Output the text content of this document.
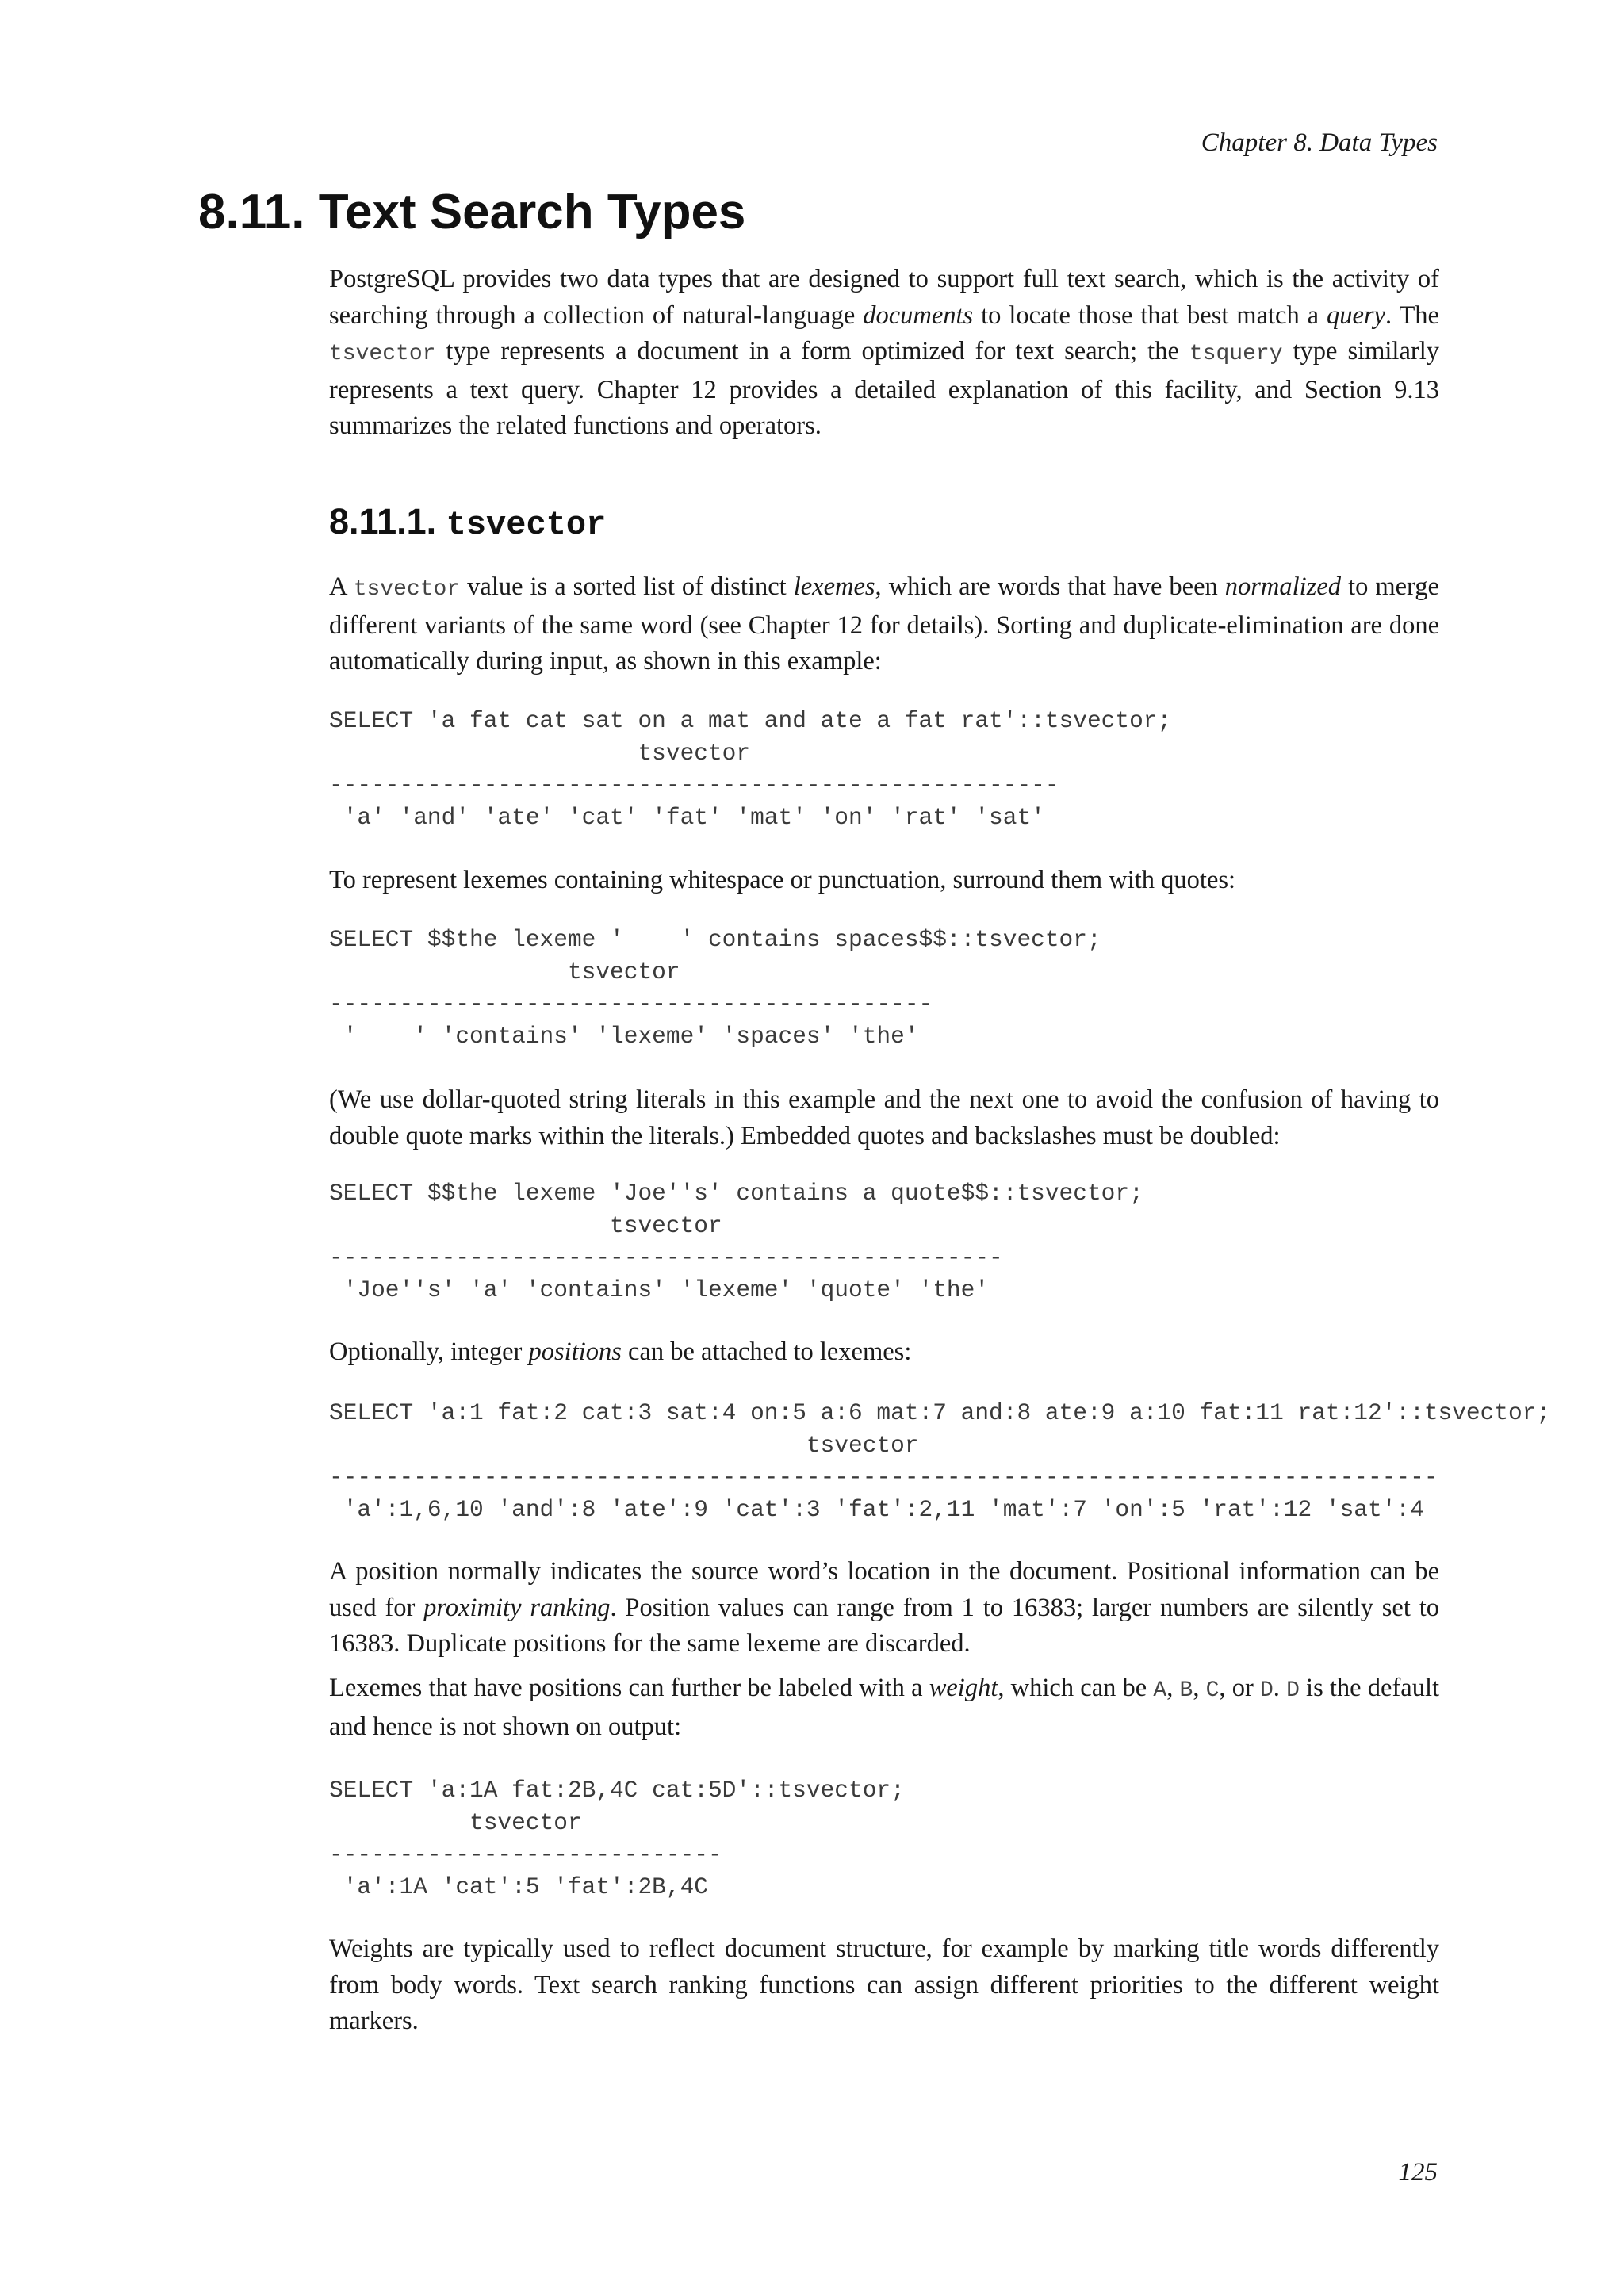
Chapter 8. Data Types
8.11. Text Search Types

PostgreSQL provides two data types that are designed to support full text search, which is the activity of searching through a collection of natural-language documents to locate those that best match a query. The tsvector type represents a document in a form optimized for text search; the tsquery type similarly represents a text query. Chapter 12 provides a detailed explanation of this facility, and Section 9.13 summarizes the related functions and operators.

8.11.1. tsvector

A tsvector value is a sorted list of distinct lexemes, which are words that have been normalized to merge different variants of the same word (see Chapter 12 for details). Sorting and duplicate-elimination are done automatically during input, as shown in this example:

SELECT 'a fat cat sat on a mat and ate a fat rat'::tsvector;
tsvector
----------------------------------------------------
'a' 'and' 'ate' 'cat' 'fat' 'mat' 'on' 'rat' 'sat'

To represent lexemes containing whitespace or punctuation, surround them with quotes:

SELECT $$the lexeme '    ' contains spaces$$::tsvector;
tsvector
-------------------------------------------
'    ' 'contains' 'lexeme' 'spaces' 'the'

(We use dollar-quoted string literals in this example and the next one to avoid the confusion of having to double quote marks within the literals.) Embedded quotes and backslashes must be doubled:

SELECT $$the lexeme 'Joe''s' contains a quote$$::tsvector;
tsvector
------------------------------------------------
'Joe''s' 'a' 'contains' 'lexeme' 'quote' 'the'

Optionally, integer positions can be attached to lexemes:

SELECT 'a:1 fat:2 cat:3 sat:4 on:5 a:6 mat:7 and:8 ate:9 a:10 fat:11 rat:12'::tsvector;
tsvector
-------------------------------------------------------------------------------
'a':1,6,10 'and':8 'ate':9 'cat':3 'fat':2,11 'mat':7 'on':5 'rat':12 'sat':4

A position normally indicates the source word’s location in the document. Positional information can be used for proximity ranking. Position values can range from 1 to 16383; larger numbers are silently set to 16383. Duplicate positions for the same lexeme are discarded.

Lexemes that have positions can further be labeled with a weight, which can be A, B, C, or D. D is the default and hence is not shown on output:

SELECT 'a:1A fat:2B,4C cat:5D'::tsvector;
tsvector
----------------------------
'a':1A 'cat':5 'fat':2B,4C

Weights are typically used to reflect document structure, for example by marking title words differently from body words. Text search ranking functions can assign different priorities to the different weight markers.

125
